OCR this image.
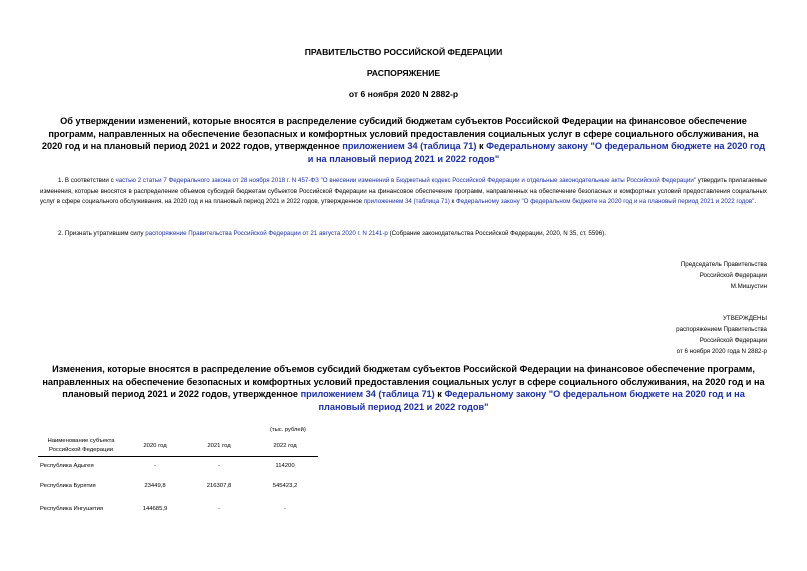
ПРАВИТЕЛЬСТВО РОССИЙСКОЙ ФЕДЕРАЦИИ
РАСПОРЯЖЕНИЕ
от 6 ноября 2020 N 2882-р
Об утверждении изменений, которые вносятся в распределение субсидий бюджетам субъектов Российской Федерации на финансовое обеспечение программ, направленных на обеспечение безопасных и комфортных условий предоставления социальных услуг в сфере социального обслуживания, на 2020 год и на плановый период 2021 и 2022 годов, утвержденное приложением 34 (таблица 71) к Федеральному закону "О федеральном бюджете на 2020 год и на плановый период 2021 и 2022 годов"
1. В соответствии с частью 2 статьи 7 Федерального закона от 28 ноября 2018 г. N 457-ФЗ "О внесении изменений в Бюджетный кодекс Российской Федерации и отдельные законодательные акты Российской Федерации" утвердить прилагаемые изменения, которые вносятся в распределение объемов субсидий бюджетам субъектов Российской Федерации на финансовое обеспечение программ, направленных на обеспечение безопасных и комфортных условий предоставления социальных услуг в сфере социального обслуживания, на 2020 год и на плановый период 2021 и 2022 годов, утвержденное приложением 34 (таблица 71) к Федеральному закону "О федеральном бюджете на 2020 год и на плановый период 2021 и 2022 годов".
2. Признать утратившим силу распоряжение Правительства Российской Федерации от 21 августа 2020 г. N 2141-р (Собрание законодательства Российской Федерации, 2020, N 35, ст. 5596).
Председатель Правительства
Российской Федерации
М.Мишустин
УТВЕРЖДЕНЫ
распоряжением Правительства
Российской Федерации
от 6 ноября 2020 года N 2882-р
Изменения, которые вносятся в распределение объемов субсидий бюджетам субъектов Российской Федерации на финансовое обеспечение программ, направленных на обеспечение безопасных и комфортных условий предоставления социальных услуг в сфере социального обслуживания, на 2020 год и на плановый период 2021 и 2022 годов, утвержденное приложением 34 (таблица 71) к Федеральному закону "О федеральном бюджете на 2020 год и на плановый период 2021 и 2022 годов"
(тыс. рублей)
Наименование субъекта Российской Федерации	2020 год	2021 год	2022 год
Республика Адыгея	-	-	114200
Республика Бурятия	23449,8	216307,8	545423,2
Республика Ингушетия	144685,9	-	-
